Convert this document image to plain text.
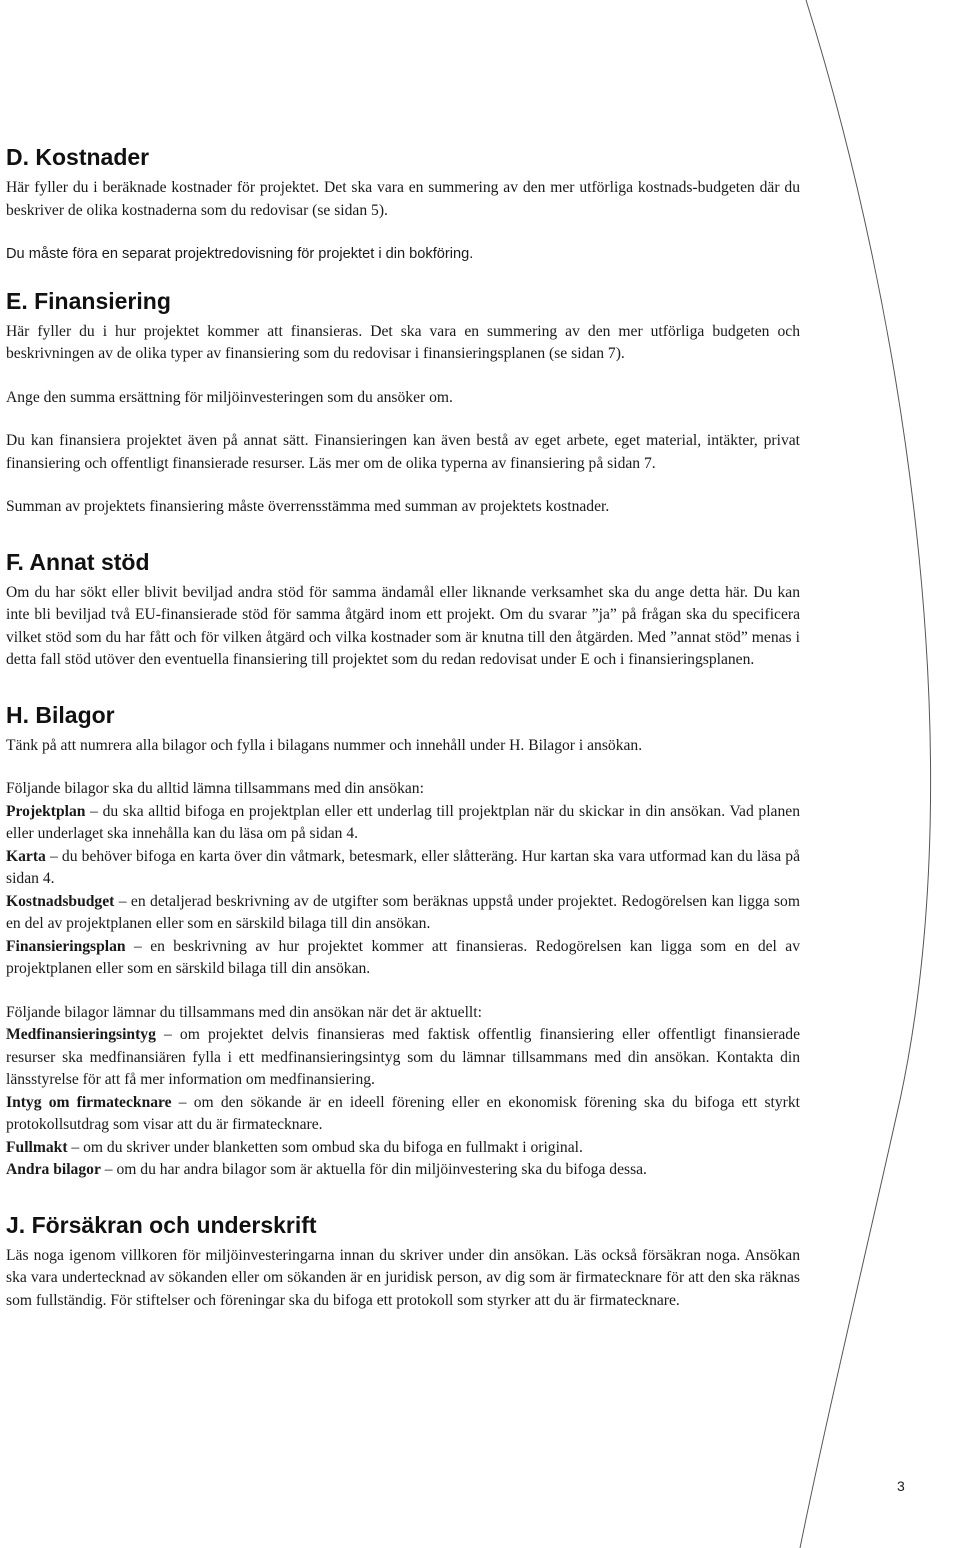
D. Kostnader

Här fyller du i beräknade kostnader för projektet. Det ska vara en summering av den mer utförliga kostnads-budgeten där du beskriver de olika kostnaderna som du redovisar (se sidan 5).

Du måste föra en separat projektredovisning för projektet i din bokföring.

E. Finansiering

Här fyller du i hur projektet kommer att finansieras. Det ska vara en summering av den mer utförliga budgeten och beskrivningen av de olika typer av finansiering som du redovisar i finansieringsplanen (se sidan 7).

Ange den summa ersättning för miljöinvesteringen som du ansöker om.

Du kan finansiera projektet även på annat sätt. Finansieringen kan även bestå av eget arbete, eget material, intäkter, privat finansiering och offentligt finansierade resurser. Läs mer om de olika typerna av finansiering på sidan 7.

Summan av projektets finansiering måste överrensstämma med summan av projektets kostnader.

F. Annat stöd

Om du har sökt eller blivit beviljad andra stöd för samma ändamål eller liknande verksamhet ska du ange detta här. Du kan inte bli beviljad två EU-finansierade stöd för samma åtgärd inom ett projekt. Om du svarar ”ja” på frågan ska du specificera vilket stöd som du har fått och för vilken åtgärd och vilka kostnader som är knutna till den åtgärden. Med ”annat stöd” menas i detta fall stöd utöver den eventuella finansiering till projektet som du redan redovisat under E och i finansieringsplanen.

H. Bilagor

Tänk på att numrera alla bilagor och fylla i bilagans nummer och innehåll under H. Bilagor i ansökan.

Följande bilagor ska du alltid lämna tillsammans med din ansökan:

Projektplan – du ska alltid bifoga en projektplan eller ett underlag till projektplan när du skickar in din ansökan. Vad planen eller underlaget ska innehålla kan du läsa om på sidan 4.

Karta – du behöver bifoga en karta över din våtmark, betesmark, eller slåtteräng. Hur kartan ska vara utformad kan du läsa på sidan 4.

Kostnadsbudget – en detaljerad beskrivning av de utgifter som beräknas uppstå under projektet. Redogörelsen kan ligga som en del av projektplanen eller som en särskild bilaga till din ansökan.

Finansieringsplan – en beskrivning av hur projektet kommer att finansieras. Redogörelsen kan ligga som en del av projektplanen eller som en särskild bilaga till din ansökan.

Följande bilagor lämnar du tillsammans med din ansökan när det är aktuellt:

Medfinansieringsintyg – om projektet delvis finansieras med faktisk offentlig finansiering eller offentligt finansierade resurser ska medfinansiären fylla i ett medfinansieringsintyg som du lämnar tillsammans med din ansökan. Kontakta din länsstyrelse för att få mer information om medfinansiering.

Intyg om firmatecknare – om den sökande är en ideell förening eller en ekonomisk förening ska du bifoga ett styrkt protokollsutdrag som visar att du är firmatecknare.

Fullmakt – om du skriver under blanketten som ombud ska du bifoga en fullmakt i original.

Andra bilagor – om du har andra bilagor som är aktuella för din miljöinvestering ska du bifoga dessa.

J. Försäkran och underskrift

Läs noga igenom villkoren för miljöinvesteringarna innan du skriver under din ansökan. Läs också försäkran noga. Ansökan ska vara undertecknad av sökanden eller om sökanden är en juridisk person, av dig som är firmatecknare för att den ska räknas som fullständig. För stiftelser och föreningar ska du bifoga ett protokoll som styrker att du är firmatecknare.

3
